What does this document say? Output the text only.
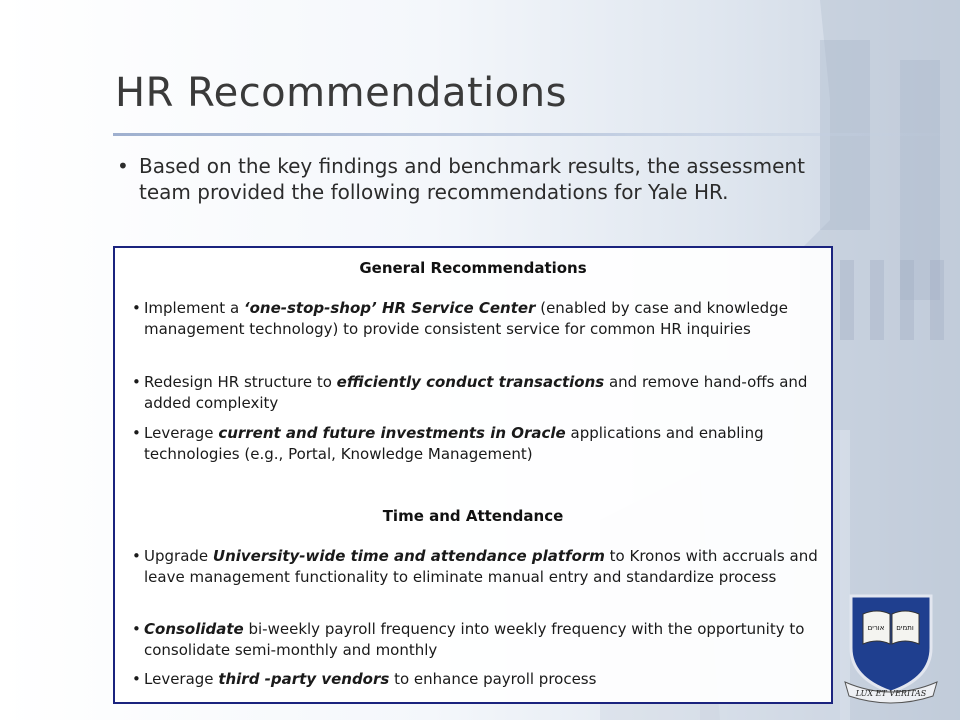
HR Recommendations
• Based on the key findings and benchmark results, the assessment team provided the following recommendations for Yale HR.
General Recommendations
• Implement a ‘one-stop-shop’ HR Service Center (enabled by case and knowledge management technology) to provide consistent service for common HR inquiries
• Redesign HR structure to efficiently conduct transactions and remove hand-offs and added complexity
• Leverage current and future investments in Oracle applications and enabling technologies (e.g., Portal, Knowledge Management)
Time and Attendance
• Upgrade University-wide time and attendance platform to Kronos with accruals and leave management functionality to eliminate manual entry and standardize process
• Consolidate bi-weekly payroll frequency into weekly frequency with the opportunity to consolidate semi-monthly and monthly
• Leverage third -party vendors to enhance payroll process
אורים ותמים
LUX ET VERITAS
